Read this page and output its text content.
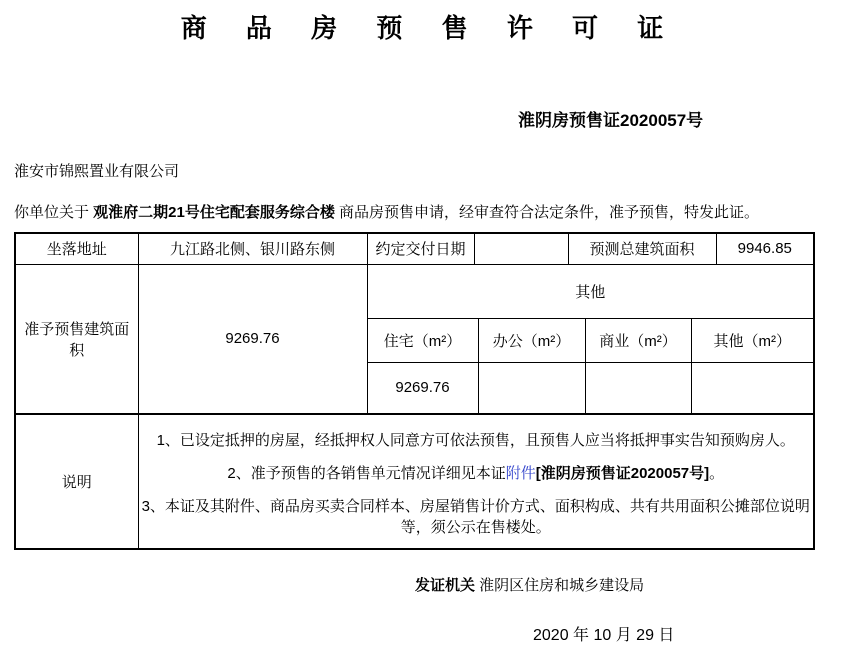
商 品 房 预 售 许 可 证
淮阴房预售证2020057号
淮安市锦熙置业有限公司
你单位关于 观淮府二期21号住宅配套服务综合楼 商品房预售申请，经审查符合法定条件，准予预售，特发此证。
坐落地址	九江路北侧、银川路东侧	约定交付日期			预测总建筑面积			9946.85
准予预售建筑面积	9269.76	其他						
		住宅（m²）		办公（m²）		商业（m²）	其他（m²）	
		9269.76						
说明	1、已设定抵押的房屋，经抵押权人同意方可依法预售，且预售人应当将抵押事实告知预购房人。

2、准予预售的各销售单元情况详细见本证附件[淮阴房预售证2020057号]。

3、本证及其附件、商品房买卖合同样本、房屋销售计价方式、面积构成、共有共用面积公摊部位说明等，须公示在售楼处。							

发证机关 淮阴区住房和城乡建设局
2020 年 10 月 29 日
